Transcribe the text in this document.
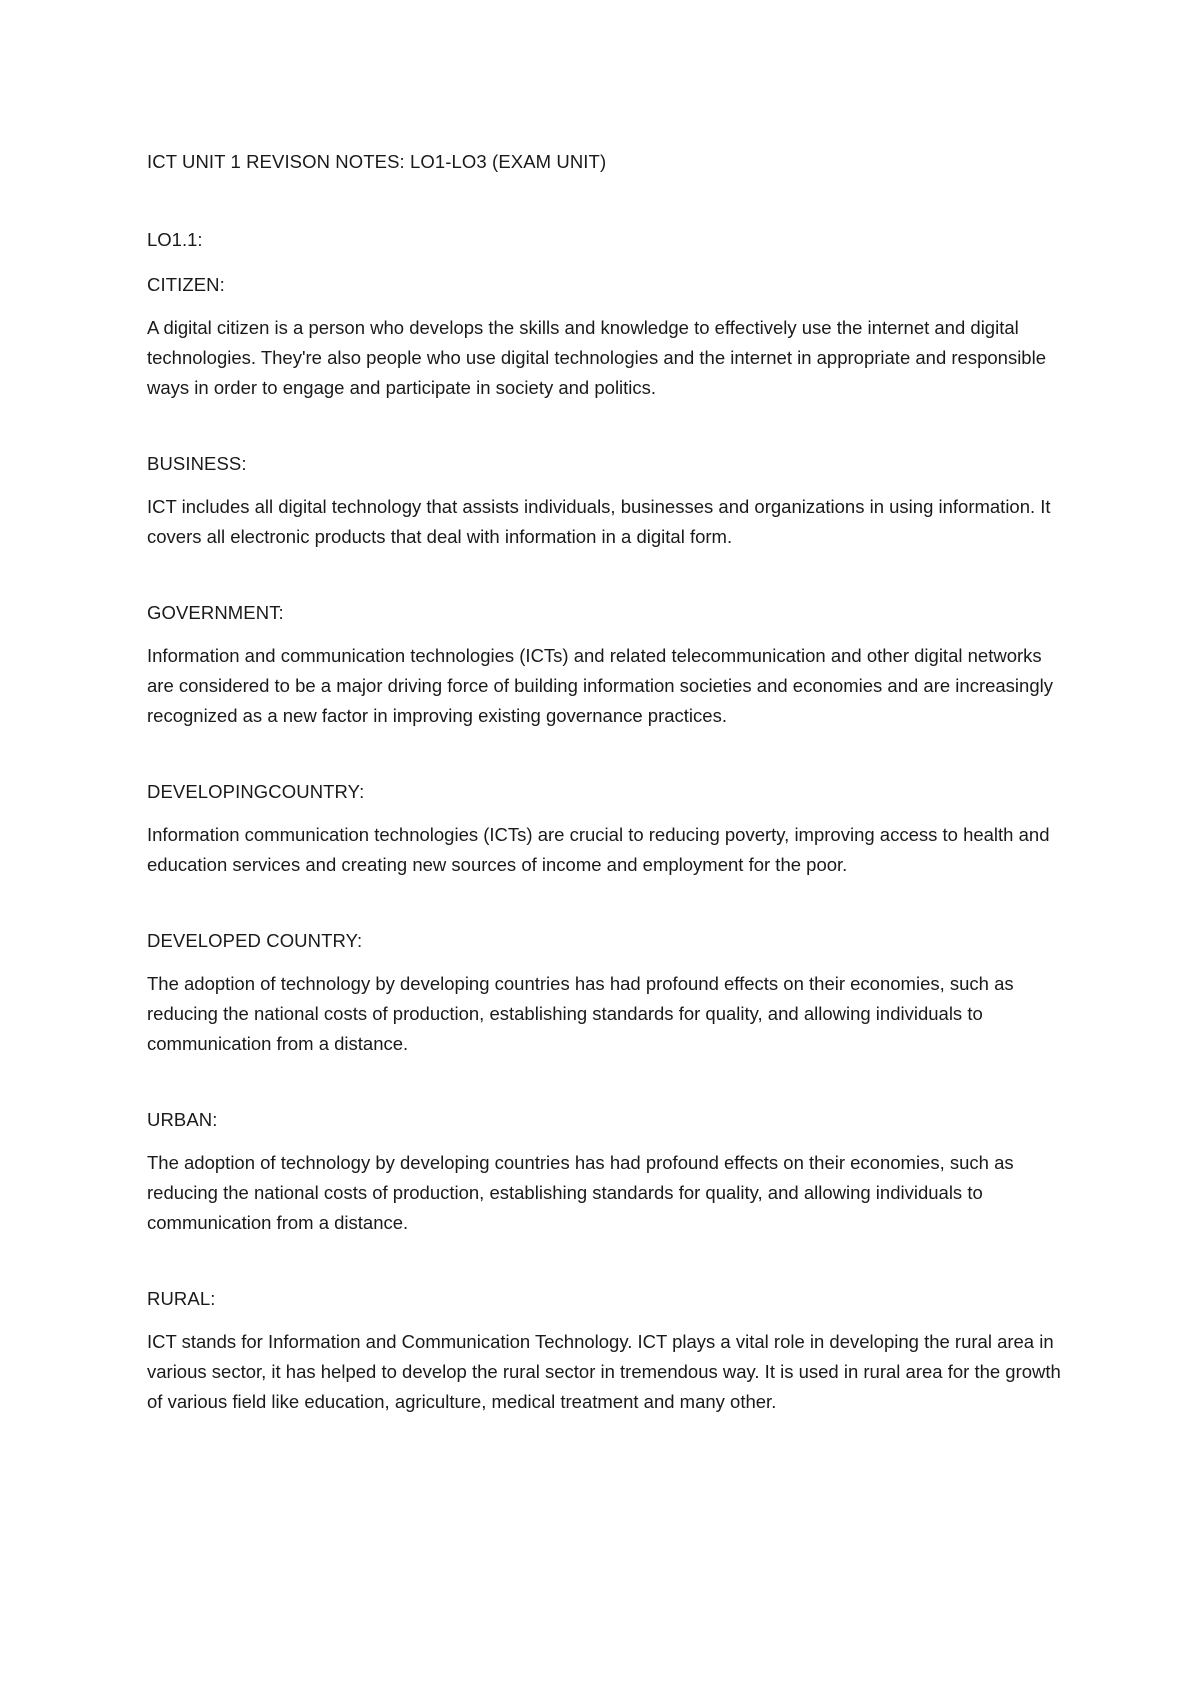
ICT UNIT 1 REVISON NOTES: LO1-LO3 (EXAM UNIT)

LO1.1:

CITIZEN:

A digital citizen is a person who develops the skills and knowledge to effectively use the internet and digital technologies. They're also people who use digital technologies and the internet in appropriate and responsible ways in order to engage and participate in society and politics.

BUSINESS:

ICT includes all digital technology that assists individuals, businesses and organizations in using information. It covers all electronic products that deal with information in a digital form.

GOVERNMENT:

Information and communication technologies (ICTs) and related telecommunication and other digital networks are considered to be a major driving force of building information societies and economies and are increasingly recognized as a new factor in improving existing governance practices.

DEVELOPINGCOUNTRY:

Information communication technologies (ICTs) are crucial to reducing poverty, improving access to health and education services and creating new sources of income and employment for the poor.

DEVELOPED COUNTRY:

The adoption of technology by developing countries has had profound effects on their economies, such as reducing the national costs of production, establishing standards for quality, and allowing individuals to communication from a distance.

URBAN:

The adoption of technology by developing countries has had profound effects on their economies, such as reducing the national costs of production, establishing standards for quality, and allowing individuals to communication from a distance.

RURAL:

ICT stands for Information and Communication Technology. ICT plays a vital role in developing the rural area in various sector, it has helped to develop the rural sector in tremendous way. It is used in rural area for the growth of various field like education, agriculture, medical treatment and many other.
